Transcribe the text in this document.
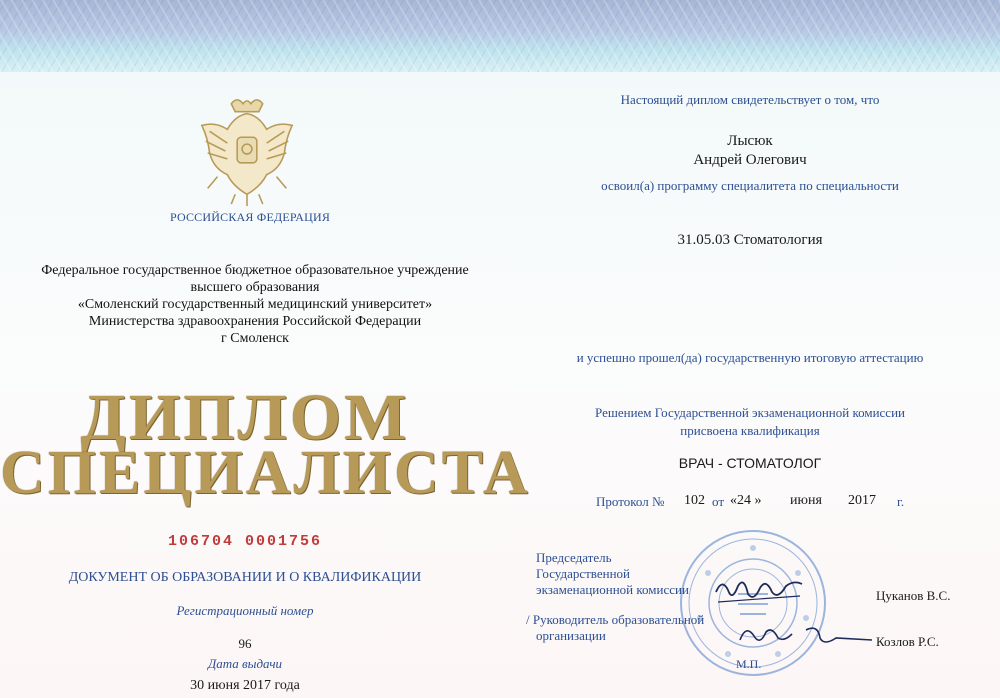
РОССИЙСКАЯ ФЕДЕРАЦИЯ
Федеральное государственное бюджетное образовательное учреждение
высшего образования
«Смоленский государственный медицинский университет»
Министерства здравоохранения Российской Федерации
г Смоленск
ДИПЛОМ
СПЕЦИАЛИСТА
106704 0001756
ДОКУМЕНТ ОБ ОБРАЗОВАНИИ И О КВАЛИФИКАЦИИ
Регистрационный номер
96
Дата выдачи
30 июня 2017 года
Настоящий диплом свидетельствует о том, что
Лысюк
Андрей Олегович
освоил(а) программу специалитета по специальности
31.05.03 Стоматология
и успешно прошел(да) государственную итоговую аттестацию
Решением Государственной экзаменационной комиссии
присвоена квалификация
ВРАЧ - СТОМАТОЛОГ
Протокол № 102 от «24 » июня 2017 г.
Председатель
Государственной
экзаменационной комиссии	Цуканов В.С.
/ Руководитель образовательной
организации	Козлов Р.С.
М.П.
